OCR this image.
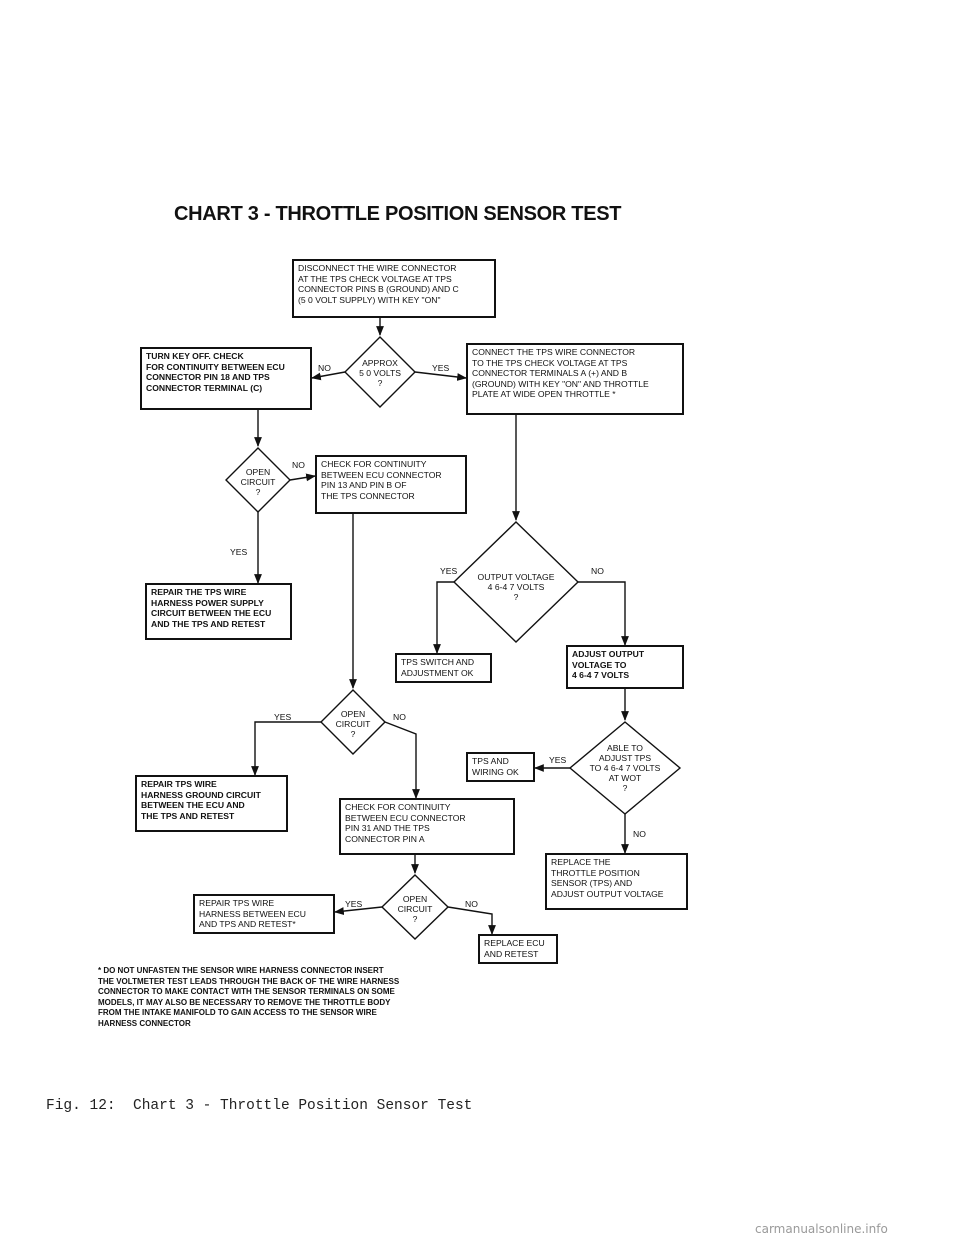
CHART 3 - THROTTLE POSITION SENSOR TEST
DISCONNECT THE WIRE CONNECTOR
AT THE TPS CHECK VOLTAGE AT TPS
CONNECTOR PINS B (GROUND) AND C
(5 0 VOLT SUPPLY) WITH KEY "ON"
TURN KEY OFF. CHECK
FOR CONTINUITY BETWEEN ECU
CONNECTOR PIN 18 AND TPS
CONNECTOR TERMINAL (C)
CONNECT THE TPS WIRE CONNECTOR
TO THE TPS CHECK VOLTAGE AT TPS
CONNECTOR TERMINALS A (+) AND B
(GROUND) WITH KEY "ON" AND THROTTLE
PLATE AT WIDE OPEN THROTTLE *
CHECK FOR CONTINUITY
BETWEEN ECU CONNECTOR
PIN 13 AND PIN B OF
THE TPS CONNECTOR
REPAIR THE TPS WIRE
HARNESS POWER SUPPLY
CIRCUIT BETWEEN THE ECU
AND THE TPS AND RETEST
TPS SWITCH AND
ADJUSTMENT OK
ADJUST OUTPUT
VOLTAGE TO
4 6-4 7 VOLTS
TPS AND
WIRING OK
REPAIR TPS WIRE
HARNESS GROUND CIRCUIT
BETWEEN THE ECU AND
THE TPS AND RETEST
CHECK FOR CONTINUITY
BETWEEN ECU CONNECTOR
PIN 31 AND THE TPS
CONNECTOR PIN A
REPLACE THE
THROTTLE POSITION
SENSOR (TPS) AND
ADJUST OUTPUT VOLTAGE
REPAIR TPS WIRE
HARNESS BETWEEN ECU
AND TPS AND RETEST*
REPLACE ECU
AND RETEST
APPROX
5 0 VOLTS
?
OPEN
CIRCUIT
?
OUTPUT VOLTAGE
4 6-4 7 VOLTS
?
OPEN
CIRCUIT
?
ABLE TO
ADJUST TPS
TO 4 6-4 7 VOLTS
AT WOT
?
OPEN
CIRCUIT
?
NO	YES
NO
YES
YES	NO
YES	NO
YES
NO
YES	NO
* DO NOT UNFASTEN THE SENSOR WIRE HARNESS CONNECTOR INSERT
THE VOLTMETER TEST LEADS THROUGH THE BACK OF THE WIRE HARNESS
CONNECTOR TO MAKE CONTACT WITH THE SENSOR TERMINALS ON SOME
MODELS, IT MAY ALSO BE NECESSARY TO REMOVE THE THROTTLE BODY
FROM THE INTAKE MANIFOLD TO GAIN ACCESS TO THE SENSOR WIRE
HARNESS CONNECTOR
Fig. 12:  Chart 3 - Throttle Position Sensor Test
carmanualsonline.info
